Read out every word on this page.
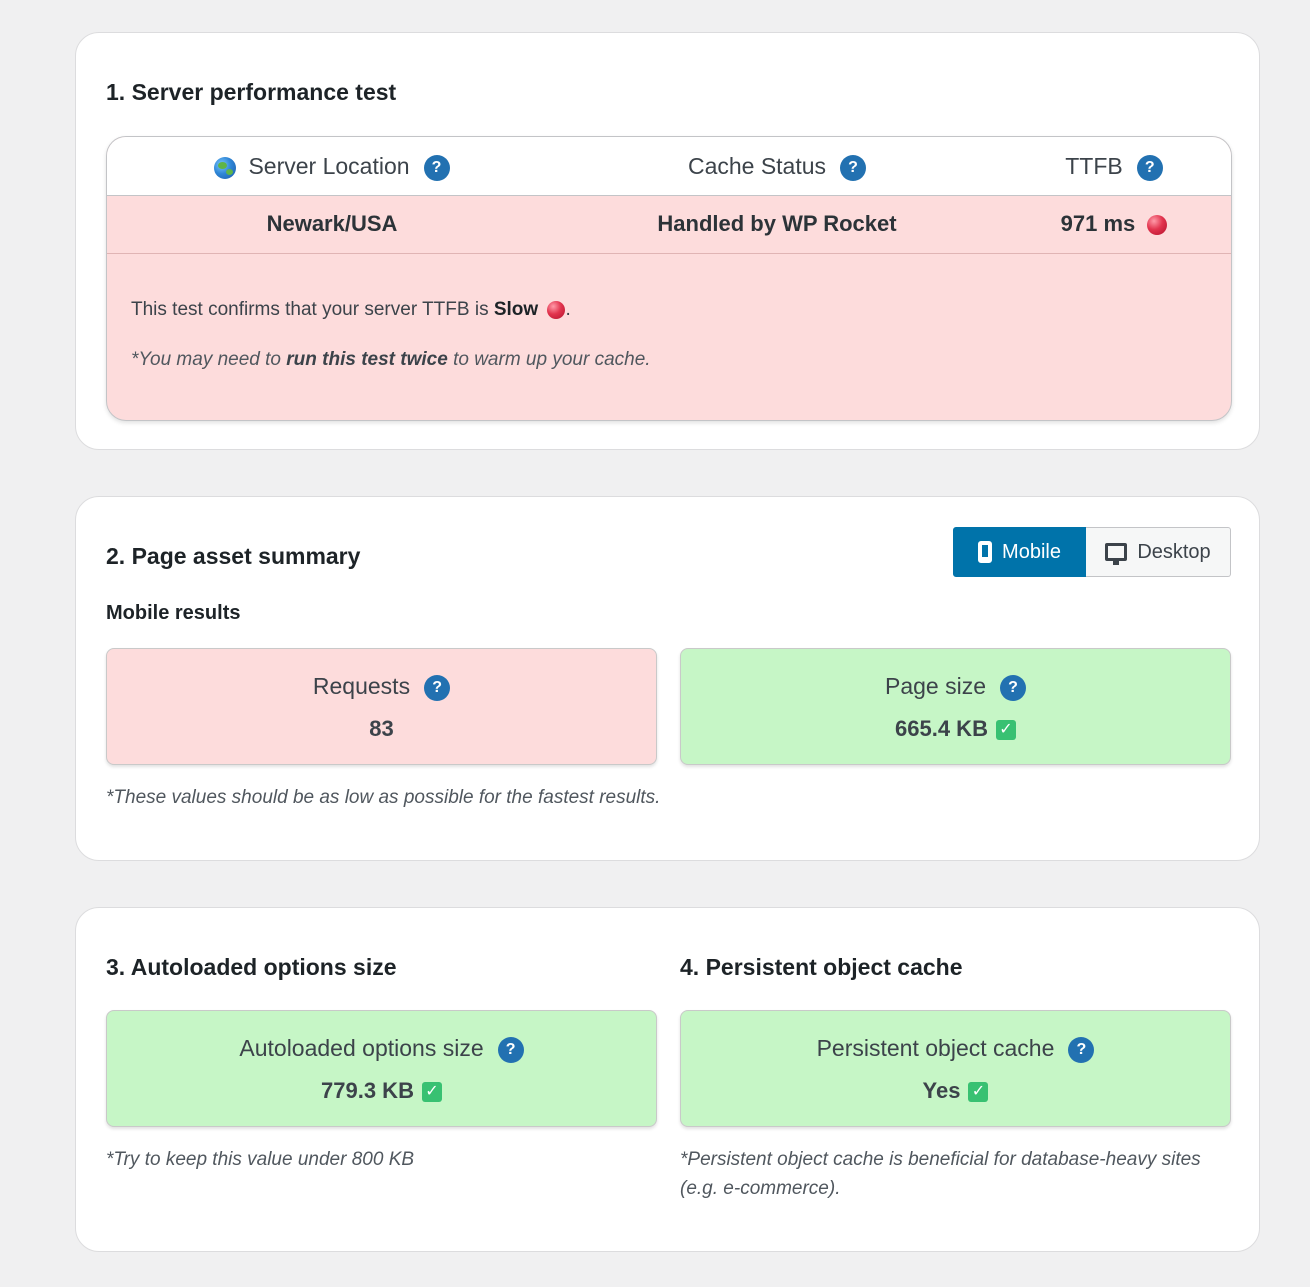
1. Server performance test
Server Location ?	Cache Status ?	TTFB ?
Newark/USA	Handled by WP Rocket	971 ms
This test confirms that your server TTFB is Slow .
*You may need to run this test twice to warm up your cache.
2. Page asset summary	Mobile	Desktop
Mobile results
Requests ?
83
Page size ?
665.4 KB ✓
*These values should be as low as possible for the fastest results.
3. Autoloaded options size	4. Persistent object cache
Autoloaded options size ?
779.3 KB ✓
Persistent object cache ?
Yes ✓
*Try to keep this value under 800 KB	*Persistent object cache is beneficial for database-heavy sites (e.g. e-commerce).
